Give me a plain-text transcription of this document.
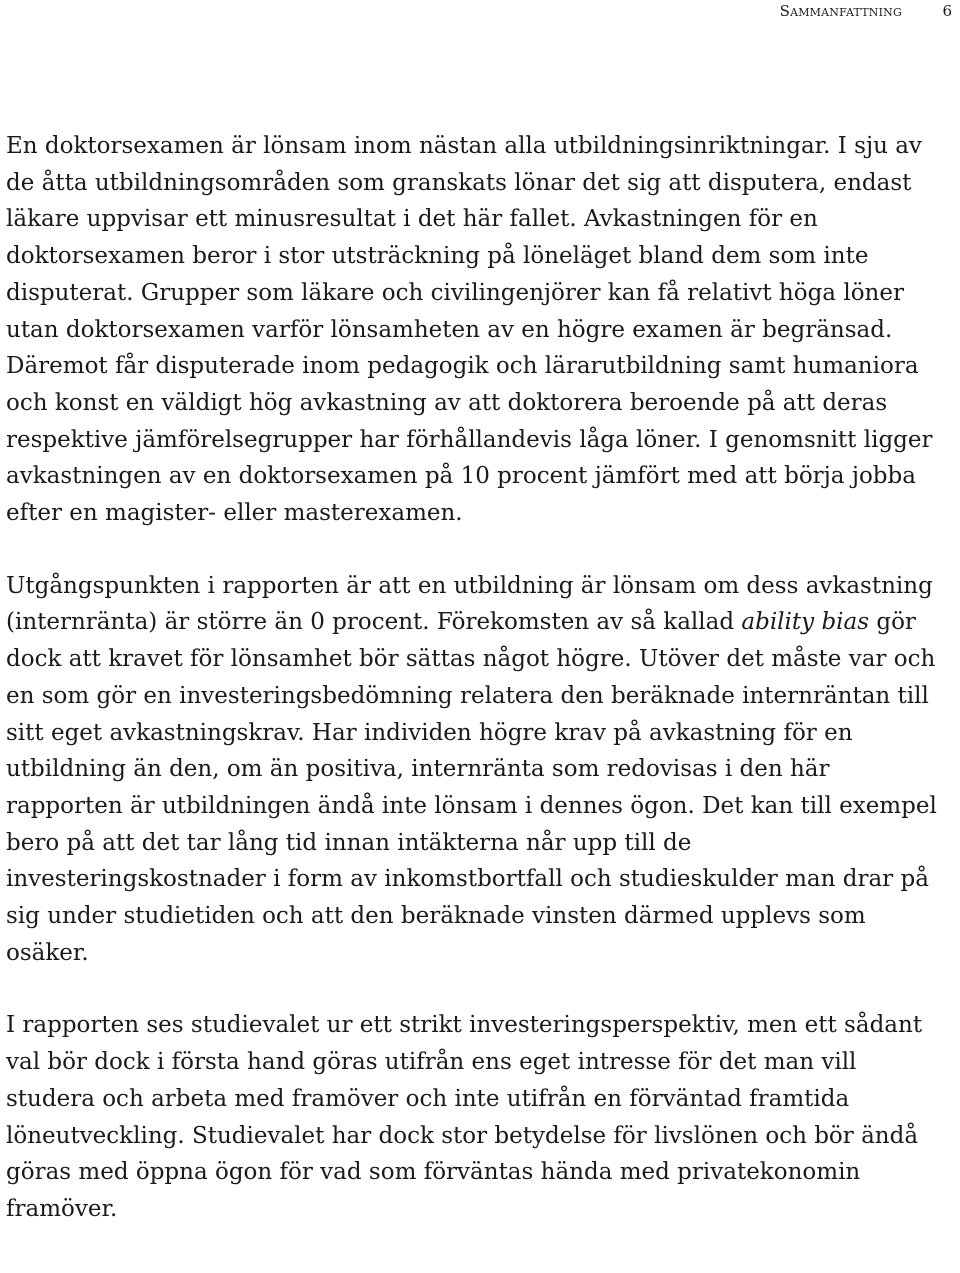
Sammanfattning	6

En doktorsexamen är lönsam inom nästan alla utbildningsinriktningar. I sju av de åtta utbildningsområden som granskats lönar det sig att disputera, endast läkare uppvisar ett minusresultat i det här fallet. Avkastningen för en doktorsexamen beror i stor utsträckning på löneläget bland dem som inte disputerat. Grupper som läkare och civilingenjörer kan få relativt höga löner utan doktorsexamen varför lönsamheten av en högre examen är begränsad. Däremot får disputerade inom pedagogik och lärarutbildning samt humaniora och konst en väldigt hög avkastning av att doktorera beroende på att deras respektive jämförelsegrupper har förhållandevis låga löner. I genomsnitt ligger avkastningen av en doktorsexamen på 10 procent jämfört med att börja jobba efter en magister- eller masterexamen.

Utgångspunkten i rapporten är att en utbildning är lönsam om dess avkastning (internränta) är större än 0 procent. Förekomsten av så kallad ability bias gör dock att kravet för lönsamhet bör sättas något högre. Utöver det måste var och en som gör en investeringsbedömning relatera den beräknade internräntan till sitt eget avkastningskrav. Har individen högre krav på avkastning för en utbildning än den, om än positiva, internränta som redovisas i den här rapporten är utbildningen ändå inte lönsam i dennes ögon. Det kan till exempel bero på att det tar lång tid innan intäkterna når upp till de investeringskostnader i form av inkomstbortfall och studieskulder man drar på sig under studietiden och att den beräknade vinsten därmed upplevs som osäker.

I rapporten ses studievalet ur ett strikt investeringsperspektiv, men ett sådant val bör dock i första hand göras utifrån ens eget intresse för det man vill studera och arbeta med framöver och inte utifrån en förväntad framtida löneutveckling. Studievalet har dock stor betydelse för livslönen och bör ändå göras med öppna ögon för vad som förväntas hända med privatekonomin framöver.
